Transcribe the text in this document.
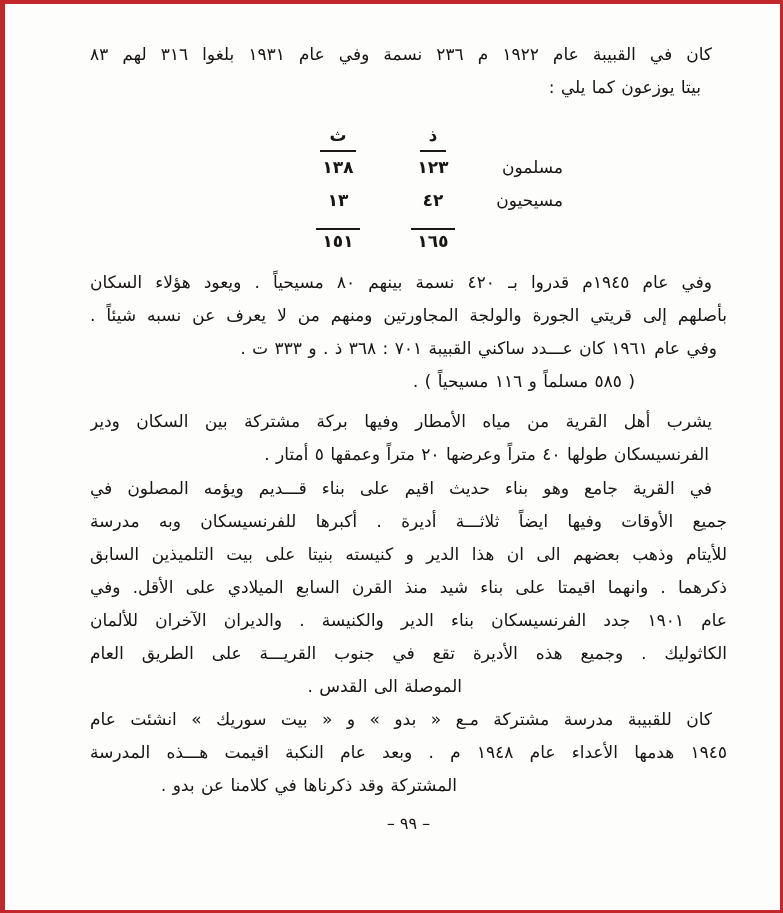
كان في القبيبة عام ١٩٢٢ م ٢٣٦ نسمة وفي عام ١٩٣١ بلغوا ٣١٦ لهم ٨٣
بيتا يوزعون كما يلي :
ذ
ث
مسلمون
١٢٣
١٣٨
مسيحيون
٤٢
١٣
١٦٥
١٥١
وفي عام ١٩٤٥م قدروا بـ ٤٢٠ نسمة بينهم ٨٠ مسيحياً . ويعود هؤلاء السكان
بأصلهم إلى قريتي الجورة والولجة المجاورتين ومنهم من لا يعرف عن نسبه شيئاً .
وفي عام ١٩٦١ كان عـــدد ساكني القبيبة ٧٠١ : ٣٦٨ ذ . و ٣٣٣ ت .
( ٥٨٥ مسلماً و ١١٦ مسيحياً ) .
يشرب أهل القرية من مياه الأمطار وفيها بركة مشتركة بين السكان ودير
الفرنسيسكان طولها ٤٠ متراً وعرضها ٢٠ متراً وعمقها ٥ أمتار .
في القرية جامع وهو بناء حديث اقيم على بناء قـــديم ويؤمه المصلون في
جميع الأوقات وفيها ايضاً ثلاثـــة أديرة . أكبرها للفرنسيسكان وبه مدرسة
للأيتام وذهب بعضهم الى ان هذا الدير و كنيسته بنيتا على بيت التلميذين السابق
ذكرهما . وانهما اقيمتا على بناء شيد منذ القرن السابع الميلادي على الأقل. وفي
عام ١٩٠١ جدد الفرنسيسكان بناء الدير والكنيسة . والديران الآخران للألمان
الكاثوليك . وجميع هذه الأديرة تقع في جنوب القريـــة على الطريق العام
الموصلة الى القدس .
كان للقبيبة مدرسة مشتركة مـع « بدو » و « بيت سوريك » انشئت عام
١٩٤٥ هدمها الأعداء عام ١٩٤٨ م . وبعد عام النكبة اقيمت هـــذه المدرسة
المشتركة وقد ذكرناها في كلامنا عن بدو .
– ٩٩ –
